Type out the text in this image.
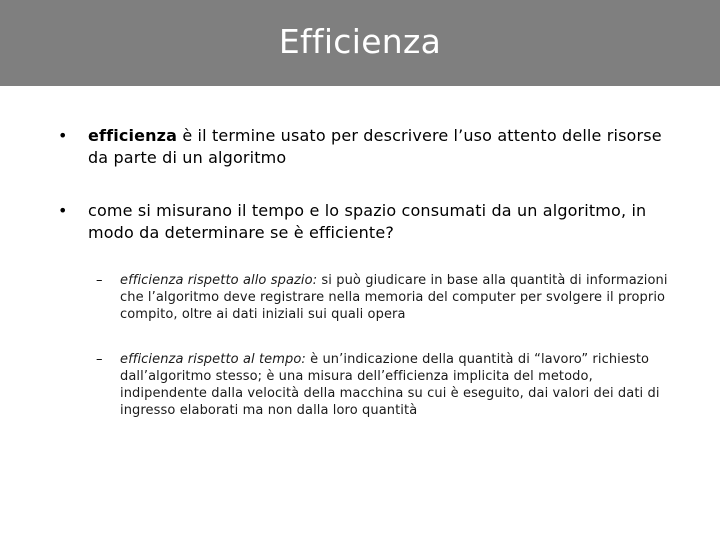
Efficienza
• efficienza è il termine usato per descrivere l’uso attento delle risorse da parte di un algoritmo
• come si misurano il tempo e lo spazio consumati da un algoritmo, in modo da determinare se è efficiente?
– efficienza rispetto allo spazio: si può giudicare in base alla quantità di informazioni che l’algoritmo deve registrare nella memoria del computer per svolgere il proprio compito, oltre ai dati iniziali sui quali opera
– efficienza rispetto al tempo: è un’indicazione della quantità di “lavoro” richiesto dall’algoritmo stesso; è una misura dell’efficienza implicita del metodo, indipendente dalla velocità della macchina su cui è eseguito, dai valori dei dati di ingresso elaborati ma non dalla loro quantità
